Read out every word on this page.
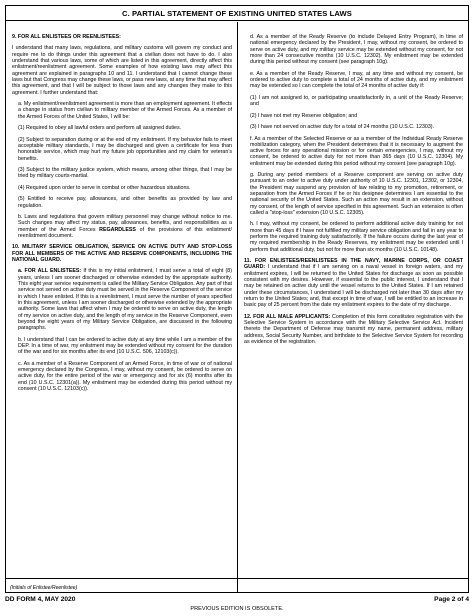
C. PARTIAL STATEMENT OF EXISTING UNITED STATES LAWS

9. FOR ALL ENLISTEES OR REENLISTEES:

I understand that many laws, regulations, and military customs will govern my conduct and require me to do things under this agreement that a civilian does not have to do. I also understand that various laws, some of which are listed in this agreement, directly affect this enlistment/reenlistment agreement. Some examples of how existing laws may affect this agreement are explained in paragraphs 10 and 11. I understand that I cannot change these laws but that Congress may change these laws, or pass new laws, at any time that may affect this agreement, and that I will be subject to those laws and any changes they make to this agreement. I further understand that:

a. My enlistment/reenlistment agreement is more than an employment agreement. It effects a change in status from civilian to military member of the Armed Forces. As a member of the Armed Forces of the United States, I will be:

(1) Required to obey all lawful orders and perform all assigned duties.

(2) Subject to separation during or at the end of my enlistment. If my behavior fails to meet acceptable military standards, I may be discharged and given a certificate for less than honorable service, which may hurt my future job opportunities and my claim for veteran's benefits.

(3) Subject to the military justice system, which means, among other things, that I may be tried by military courts-martial.

(4) Required upon order to serve in combat or other hazardous situations.

(5) Entitled to receive pay, allowances, and other benefits as provided by law and regulation.

b. Laws and regulations that govern military personnel may change without notice to me. Such changes may affect my status, pay, allowances, benefits, and responsibilities as a member of the Armed Forces REGARDLESS of the provisions of this enlistment/ reenlistment document.

10. MILITARY SERVICE OBLIGATION, SERVICE ON ACTIVE DUTY AND STOP-LOSS FOR ALL MEMBERS OF THE ACTIVE AND RESERVE COMPONENTS, INCLUDING THE NATIONAL GUARD.

a. FOR ALL ENLISTEES: If this is my initial enlistment, I must serve a total of eight (8) years, unless I am sooner discharged or otherwise extended by the appropriate authority. This eight year service requirement is called the Military Service Obligation. Any part of that service not served on active duty must be served in the Reserve Component of the service in which I have enlisted. If this is a reenlistment, I must serve the number of years specified in this agreement, unless I am sooner discharged or otherwise extended by the appropriate authority. Some laws that affect when I may be ordered to serve on active duty, the length of my service on active duty, and the length of my service in the Reserve Component, even beyond the eight years of my Military Service Obligation, are discussed in the following paragraphs.

b. I understand that I can be ordered to active duty at any time while I am a member of the DEP. In a time of war, my enlistment may be extended without my consent for the duration of the war and for six months after its end (10 U.S.C. 506, 12103(c)).

c. As a member of a Reserve Component of an Armed Force, in time of war or of national emergency declared by the Congress, I may, without my consent, be ordered to serve on active duty, for the entire period of the war or emergency and for six (6) months after its end (10 U.S.C. 12301(a)). My enlistment may be extended during this period without my consent (10 U.S.C. 12103(c)).

d. As a member of the Ready Reserve (to include Delayed Entry Program), in time of national emergency declared by the President, I may, without my consent, be ordered to serve on active duty, and my military service may be extended without my consent, for not more than 24 consecutive months (10 U.S.C. 12302). My enlistment may be extended during this period without my consent (see paragraph 10g).

e. As a member of the Ready Reserve, I may, at any time and without my consent, be ordered to active duty to complete a total of 24 months of active duty, and my enlistment may be extended so I can complete the total of 24 months of active duty if:

(1) I am not assigned to, or participating unsatisfactorily in, a unit of the Ready Reserve; and

(2) I have not met my Reserve obligation; and

(3) I have not served on active duty for a total of 24 months (10 U.S.C. 12303).

f. As a member of the Selected Reserve or as a member of the Individual Ready Reserve mobilization category, when the President determines that it is necessary to augment the active forces for any operational mission or for certain emergencies, I may, without my consent, be ordered to active duty for not more than 365 days (10 U.S.C. 12304). My enlistment may be extended during this period without my consent (see paragraph 10g).

g. During any period members of a Reserve component are serving on active duty pursuant to an order to active duty under authority of 10 U.S.C. 12301, 12302, or 12304, the President may suspend any provision of law relating to my promotion, retirement, or separation from the Armed Forces if he or his designee determines I am essential to the national security of the United States. Such an action may result in an extension, without my consent, of the length of service specified in this agreement. Such an extension is often called a "stop-loss" extension (10 U.S.C. 12305).

h. I may, without my consent, be ordered to perform additional active duty training for not more than 45 days if I have not fulfilled my military service obligation and fail in any year to perform the required training duty satisfactorily. If the failure occurs during the last year of my required membership in the Ready Reserves, my enlistment may be extended until I perform that additional duty, but not for more than six months (10 U.S.C. 10148).

11. FOR ENLISTEES/REENLISTEES IN THE NAVY, MARINE CORPS, OR COAST GUARD: I understand that if I am serving on a naval vessel in foreign waters, and my enlistment expires, I will be returned to the United States for discharge as soon as possible consistent with my desires. However, if essential to the public interest, I understand that I may be retained on active duty until the vessel returns to the United States. If I am retained under these circumstances, I understand I will be discharged not later than 30 days after my return to the United States; and, that except in time of war, I will be entitled to an increase in basic pay of 25 percent from the date my enlistment expires to the date of my discharge.

12. FOR ALL MALE APPLICANTS: Completion of this form constitutes registration with the Selective Service System in accordance with the Military Selective Service Act. Incident thereto the Department of Defense may transmit my name, permanent address, military address, Social Security Number, and birthdate to the Selective Service System for recording as evidence of the registration.

(Initials of Enlistee/Reenlistee)
DD FORM 4, MAY 2020
PREVIOUS EDITION IS OBSOLETE.
Page 2 of 4
